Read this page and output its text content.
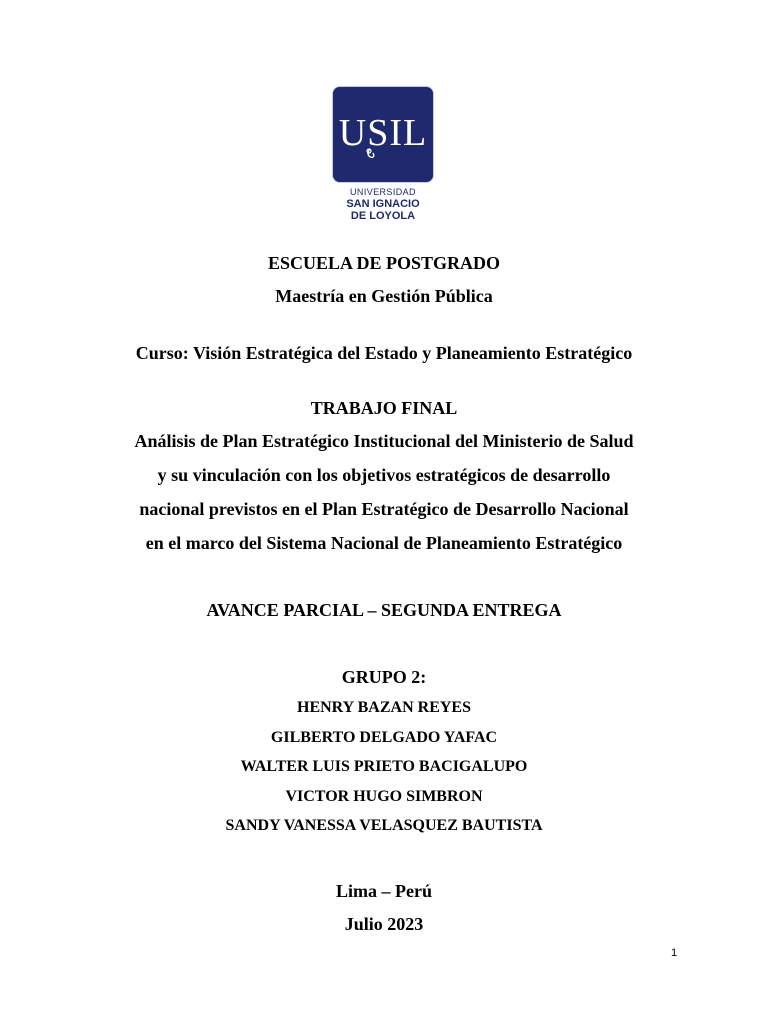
USIL
UNIVERSIDAD
SAN IGNACIO
DE LOYOLA
ESCUELA DE POSTGRADO
Maestría en Gestión Pública
Curso: Visión Estratégica del Estado y Planeamiento Estratégico
TRABAJO FINAL
Análisis de Plan Estratégico Institucional del Ministerio de Salud
y su vinculación con los objetivos estratégicos de desarrollo
nacional previstos en el Plan Estratégico de Desarrollo Nacional
en el marco del Sistema Nacional de Planeamiento Estratégico
AVANCE PARCIAL – SEGUNDA ENTREGA
GRUPO 2:
HENRY BAZAN REYES
GILBERTO DELGADO YAFAC
WALTER LUIS PRIETO BACIGALUPO
VICTOR HUGO SIMBRON
SANDY VANESSA VELASQUEZ BAUTISTA
Lima – Perú
Julio 2023
1
